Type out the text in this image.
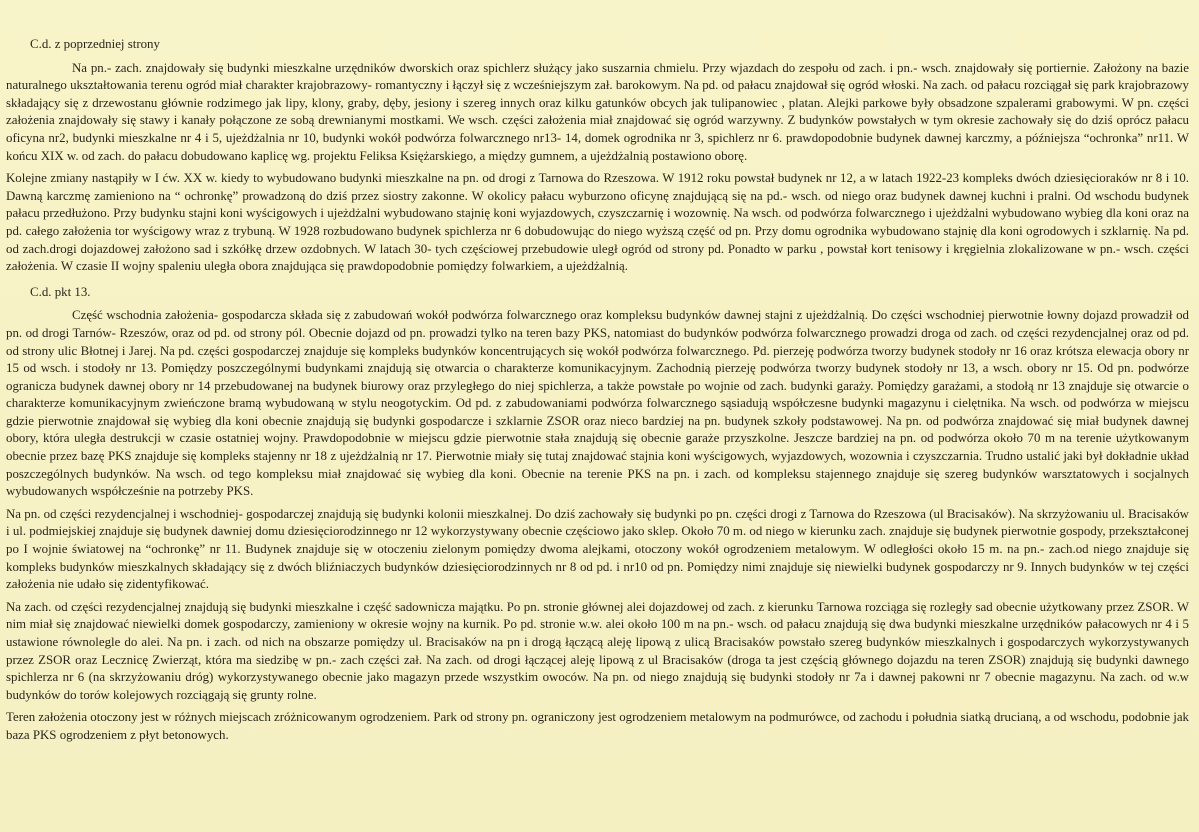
C.d. z poprzedniej strony

Na pn.- zach. znajdowały się budynki mieszkalne urzędników dworskich oraz spichlerz służący jako suszarnia chmielu. Przy wjazdach do zespołu od zach. i pn.- wsch. znajdowały się portiernie. Założony na bazie naturalnego ukształtowania terenu ogród miał charakter krajobrazowy- romantyczny i łączył się z wcześniejszym zał. barokowym. Na pd. od pałacu znajdował się ogród włoski. Na zach. od pałacu rozciągał się park krajobrazowy składający się z drzewostanu głównie rodzimego jak lipy, klony, graby, dęby, jesiony i szereg innych oraz kilku gatunków obcych jak tulipanowiec , platan. Alejki parkowe były obsadzone szpalerami grabowymi. W pn. części założenia znajdowały się stawy i kanały połączone ze sobą drewnianymi mostkami. We wsch. części założenia miał znajdować się ogród warzywny. Z budynków powstałych w tym okresie zachowały się do dziś oprócz pałacu oficyna nr2, budynki mieszkalne nr 4 i 5, ujeżdżalnia nr 10, budynki wokół podwórza folwarcznego nr13- 14, domek ogrodnika nr 3, spichlerz nr 6. prawdopodobnie budynek dawnej karczmy, a późniejsza “ochronka” nr11. W końcu XIX w. od zach. do pałacu dobudowano kaplicę wg. projektu Feliksa Księżarskiego, a między gumnem, a ujeżdżalnią postawiono oborę.

Kolejne zmiany nastąpiły w I ćw. XX w. kiedy to wybudowano budynki mieszkalne na pn. od drogi z Tarnowa do Rzeszowa. W 1912 roku powstał budynek nr 12, a w latach 1922-23 kompleks dwóch dziesięcioraków nr 8 i 10. Dawną karczmę zamieniono na “ ochronkę” prowadzoną do dziś przez siostry zakonne. W okolicy pałacu wyburzono oficynę znajdującą się na pd.- wsch. od niego oraz budynek dawnej kuchni i pralni. Od wschodu budynek pałacu przedłużono. Przy budynku stajni koni wyścigowych i ujeżdżalni wybudowano stajnię koni wyjazdowych, czyszczarnię i wozownię. Na wsch. od podwórza folwarcznego i ujeżdżalni wybudowano wybieg dla koni oraz na pd. całego założenia tor wyścigowy wraz z trybuną. W 1928 rozbudowano budynek spichlerza nr 6 dobudowując do niego wyższą część od pn. Przy domu ogrodnika wybudowano stajnię dla koni ogrodowych i szklarnię. Na pd. od zach.drogi dojazdowej założono sad i szkółkę drzew ozdobnych. W latach 30- tych częściowej przebudowie uległ ogród od strony pd. Ponadto w parku , powstał kort tenisowy i kręgielnia zlokalizowane w pn.- wsch. części założenia. W czasie II wojny spaleniu uległa obora znajdująca się prawdopodobnie pomiędzy folwarkiem, a ujeżdżalnią.

C.d. pkt 13.

Część wschodnia założenia- gospodarcza składa się z zabudowań wokół podwórza folwarcznego oraz kompleksu budynków dawnej stajni z ujeżdżalnią. Do części wschodniej pierwotnie łowny dojazd prowadził od pn. od drogi Tarnów- Rzeszów, oraz od pd. od strony pól. Obecnie dojazd od pn. prowadzi tylko na teren bazy PKS, natomiast do budynków podwórza folwarcznego prowadzi droga od zach. od części rezydencjalnej oraz od pd. od strony ulic Błotnej i Jarej. Na pd. części gospodarczej znajduje się kompleks budynków koncentrujących się wokół podwórza folwarcznego. Pd. pierzeję podwórza tworzy budynek stodoły nr 16 oraz krótsza elewacja obory nr 15 od wsch. i stodoły nr 13. Pomiędzy poszczególnymi budynkami znajdują się otwarcia o charakterze komunikacyjnym. Zachodnią pierzeję podwórza tworzy budynek stodoły nr 13, a wsch. obory nr 15. Od pn. podwórze ogranicza budynek dawnej obory nr 14 przebudowanej na budynek biurowy oraz przyległego do niej spichlerza, a także powstałe po wojnie od zach. budynki garaży. Pomiędzy garażami, a stodołą nr 13 znajduje się otwarcie o charakterze komunikacyjnym zwieńczone bramą wybudowaną w stylu neogotyckim. Od pd. z zabudowaniami podwórza folwarcznego sąsiadują współczesne budynki magazynu i cielętnika. Na wsch. od podwórza w miejscu gdzie pierwotnie znajdował się wybieg dla koni obecnie znajdują się budynki gospodarcze i szklarnie ZSOR oraz nieco bardziej na pn. budynek szkoły podstawowej. Na pn. od podwórza znajdować się miał budynek dawnej obory, która uległa destrukcji w czasie ostatniej wojny. Prawdopodobnie w miejscu gdzie pierwotnie stała znajdują się obecnie garaże przyszkolne. Jeszcze bardziej na pn. od podwórza około 70 m na terenie użytkowanym obecnie przez bazę PKS znajduje się kompleks stajenny nr 18 z ujeżdżalnią nr 17. Pierwotnie miały się tutaj znajdować stajnia koni wyścigowych, wyjazdowych, wozownia i czyszczarnia. Trudno ustalić jaki był dokładnie układ poszczególnych budynków. Na wsch. od tego kompleksu miał znajdować się wybieg dla koni. Obecnie na terenie PKS na pn. i zach. od kompleksu stajennego znajduje się szereg budynków warsztatowych i socjalnych wybudowanych współcześnie na potrzeby PKS.

Na pn. od części rezydencjalnej i wschodniej- gospodarczej znajdują się budynki kolonii mieszkalnej. Do dziś zachowały się budynki po pn. części drogi z Tarnowa do Rzeszowa (ul Bracisaków). Na skrzyżowaniu ul. Bracisaków i ul. podmiejskiej znajduje się budynek dawniej domu dziesięciorodzinnego nr 12 wykorzystywany obecnie częściowo jako sklep. Około 70 m. od niego w kierunku zach. znajduje się budynek pierwotnie gospody, przekształconej po I wojnie światowej na “ochronkę” nr 11. Budynek znajduje się w otoczeniu zielonym pomiędzy dwoma alejkami, otoczony wokół ogrodzeniem metalowym. W odległości około 15 m. na pn.- zach.od niego znajduje się kompleks budynków mieszkalnych składający się z dwóch bliźniaczych budynków dziesięciorodzinnych nr 8 od pd. i nr10 od pn. Pomiędzy nimi znajduje się niewielki budynek gospodarczy nr 9. Innych budynków w tej części założenia nie udało się zidentyfikować.

Na zach. od części rezydencjalnej znajdują się budynki mieszkalne i część sadownicza majątku. Po pn. stronie głównej alei dojazdowej od zach. z kierunku Tarnowa rozciąga się rozległy sad obecnie użytkowany przez ZSOR. W nim miał się znajdować niewielki domek gospodarczy, zamieniony w okresie wojny na kurnik. Po pd. stronie w.w. alei około 100 m na pn.- wsch. od pałacu znajdują się dwa budynki mieszkalne urzędników pałacowych nr 4 i 5 ustawione równolegle do alei. Na pn. i zach. od nich na obszarze pomiędzy ul. Bracisaków na pn i drogą łączącą aleję lipową z ulicą Bracisaków powstało szereg budynków mieszkalnych i gospodarczych wykorzystywanych przez ZSOR oraz Lecznicę Zwierząt, która ma siedzibę w pn.- zach części zał. Na zach. od drogi łączącej aleję lipową z ul Bracisaków (droga ta jest częścią głównego dojazdu na teren ZSOR) znajdują się budynki dawnego spichlerza nr 6 (na skrzyżowaniu dróg) wykorzystywanego obecnie jako magazyn przede wszystkim owoców. Na pn. od niego znajdują się budynki stodoły nr 7a i dawnej pakowni nr 7 obecnie magazynu. Na zach. od w.w budynków do torów kolejowych rozciągają się grunty rolne.

Teren założenia otoczony jest w różnych miejscach zróżnicowanym ogrodzeniem. Park od strony pn. ograniczony jest ogrodzeniem metalowym na podmurówce, od zachodu i południa siatką drucianą, a od wschodu, podobnie jak baza PKS ogrodzeniem z płyt betonowych.
